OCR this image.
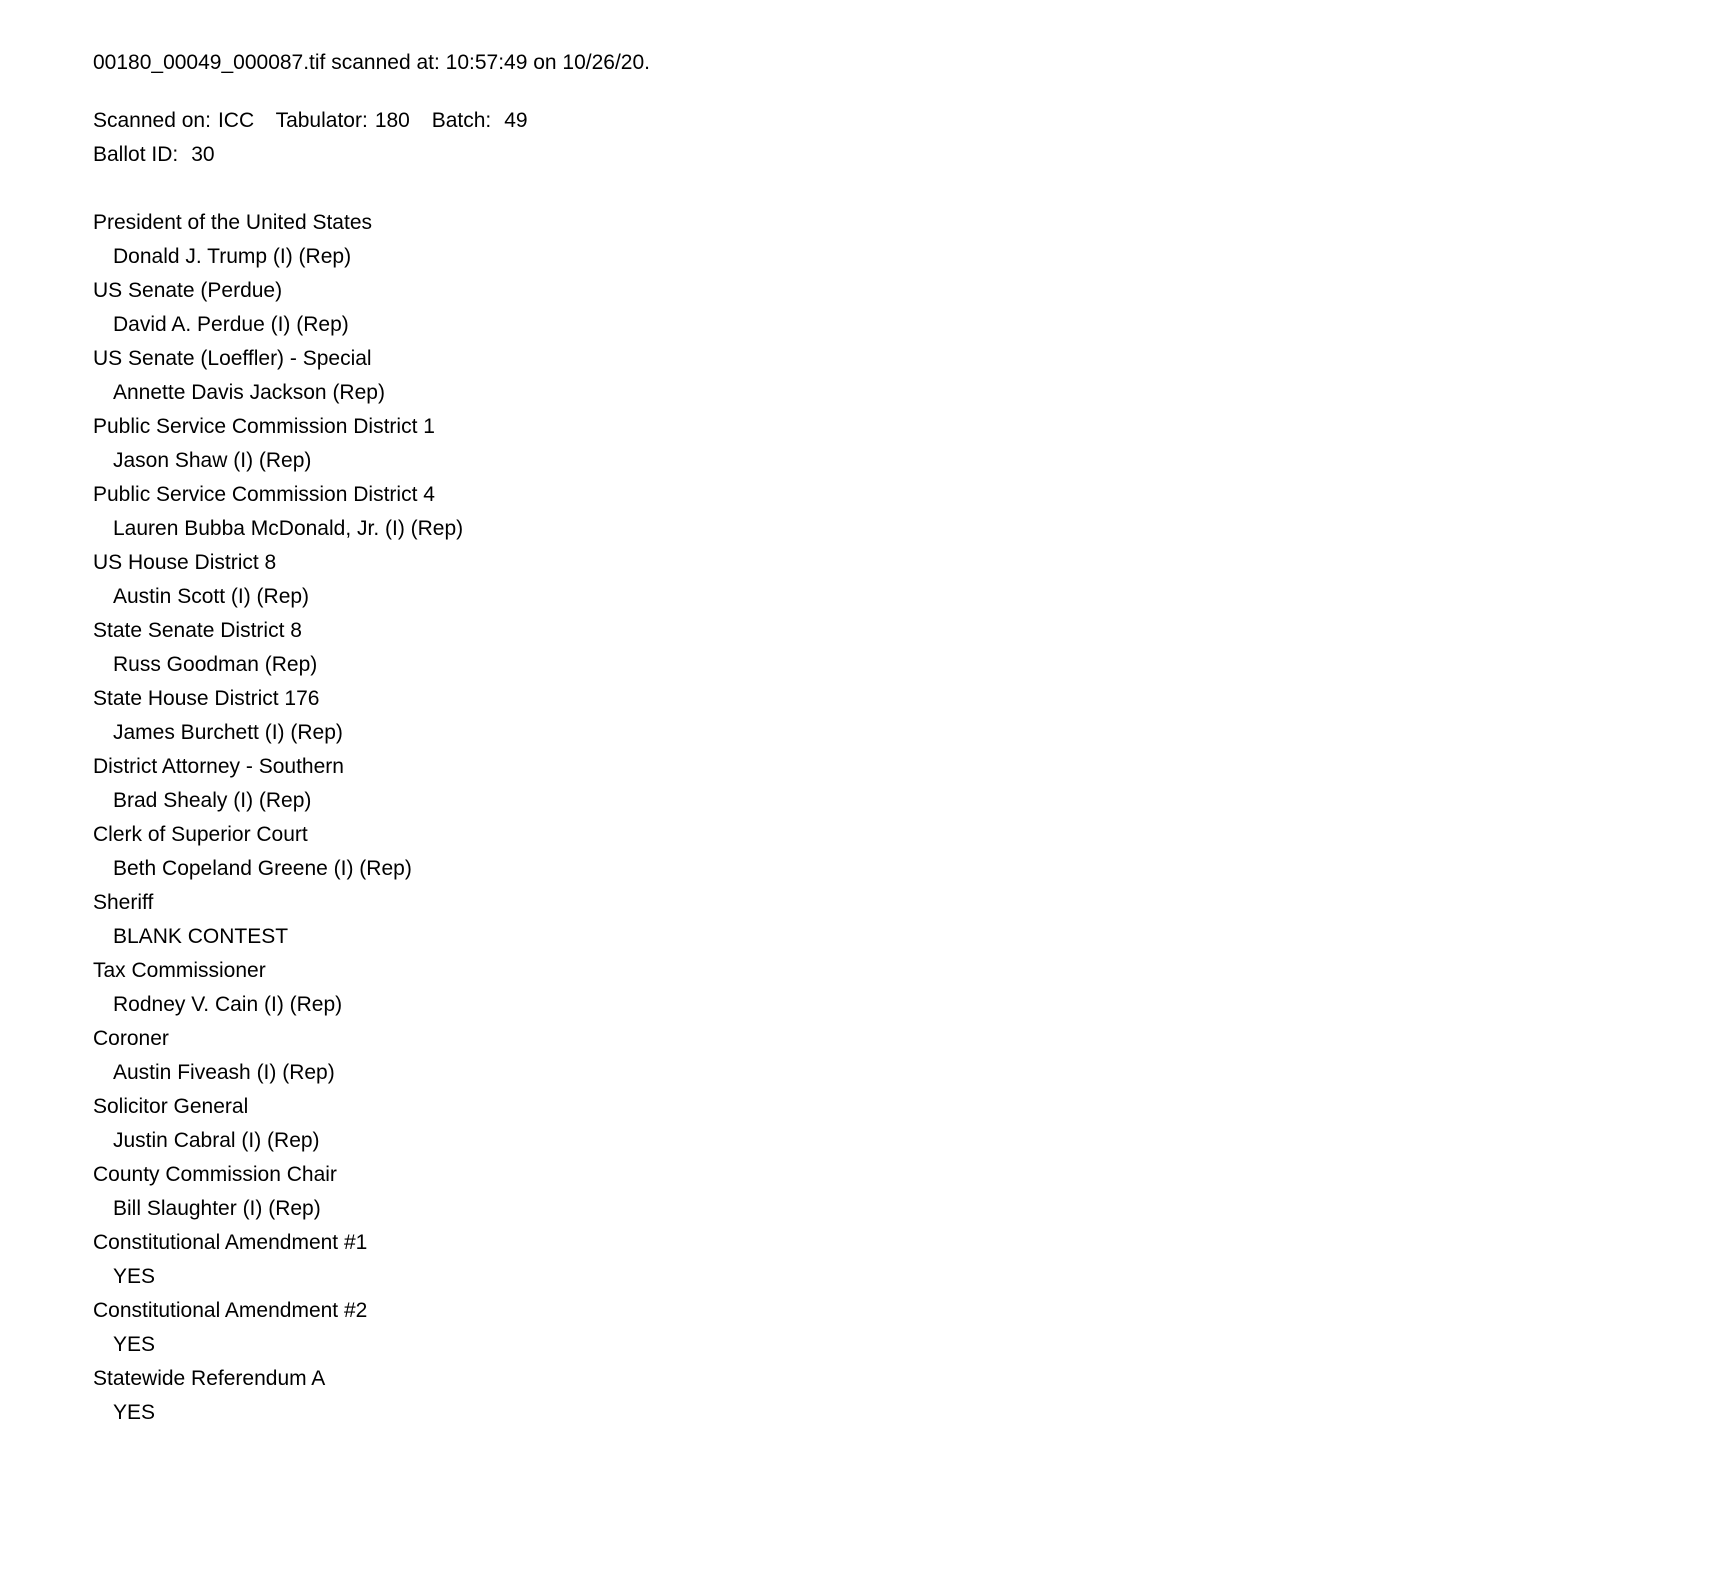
00180_00049_000087.tif scanned at: 10:57:49 on 10/26/20.
Scanned on: ICC Tabulator: 180 Batch: 49
Ballot ID: 30
President of the United States
Donald J. Trump (I) (Rep)
US Senate (Perdue)
David A. Perdue (I) (Rep)
US Senate (Loeffler) - Special
Annette Davis Jackson (Rep)
Public Service Commission District 1
Jason Shaw (I) (Rep)
Public Service Commission District 4
Lauren Bubba McDonald, Jr. (I) (Rep)
US House District 8
Austin Scott (I) (Rep)
State Senate District 8
Russ Goodman (Rep)
State House District 176
James Burchett (I) (Rep)
District Attorney - Southern
Brad Shealy (I) (Rep)
Clerk of Superior Court
Beth Copeland Greene (I) (Rep)
Sheriff
BLANK CONTEST
Tax Commissioner
Rodney V. Cain (I) (Rep)
Coroner
Austin Fiveash (I) (Rep)
Solicitor General
Justin Cabral (I) (Rep)
County Commission Chair
Bill Slaughter (I) (Rep)
Constitutional Amendment #1
YES
Constitutional Amendment #2
YES
Statewide Referendum A
YES
